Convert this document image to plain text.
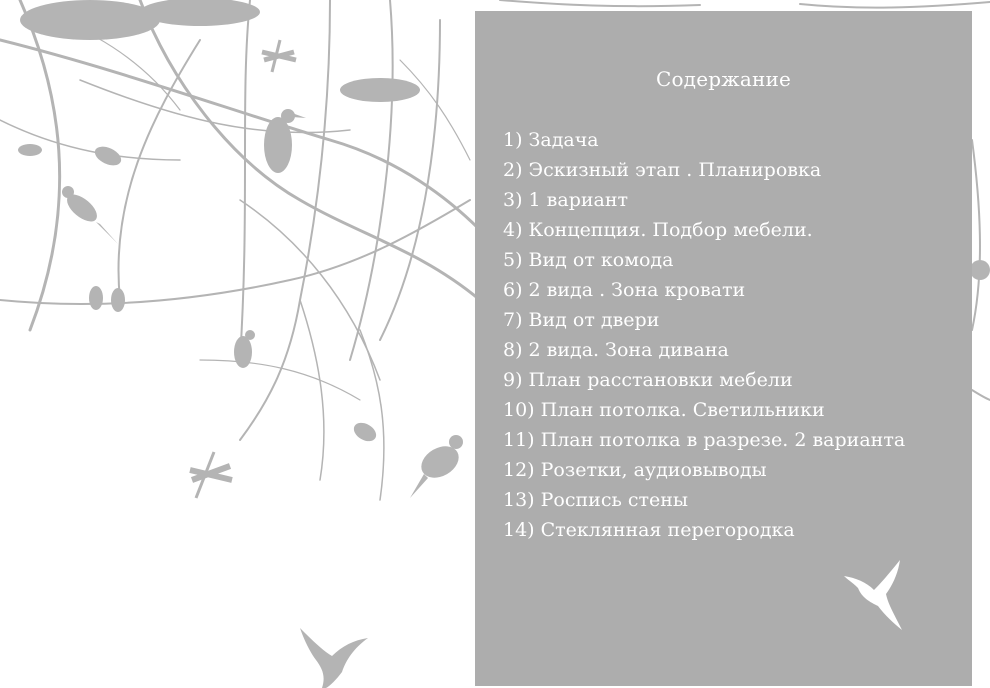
Содержание
1) Задача
2) Эскизный этап . Планировка
3) 1 вариант
4) Концепция. Подбор мебели.
5) Вид от комода
6) 2 вида . Зона кровати
7) Вид от двери
8) 2 вида. Зона дивана
9) План расстановки мебели
10) План потолка. Светильники
11) План потолка в разрезе. 2 варианта
12) Розетки, аудиовыводы
13) Роспись стены
14) Стеклянная перегородка
